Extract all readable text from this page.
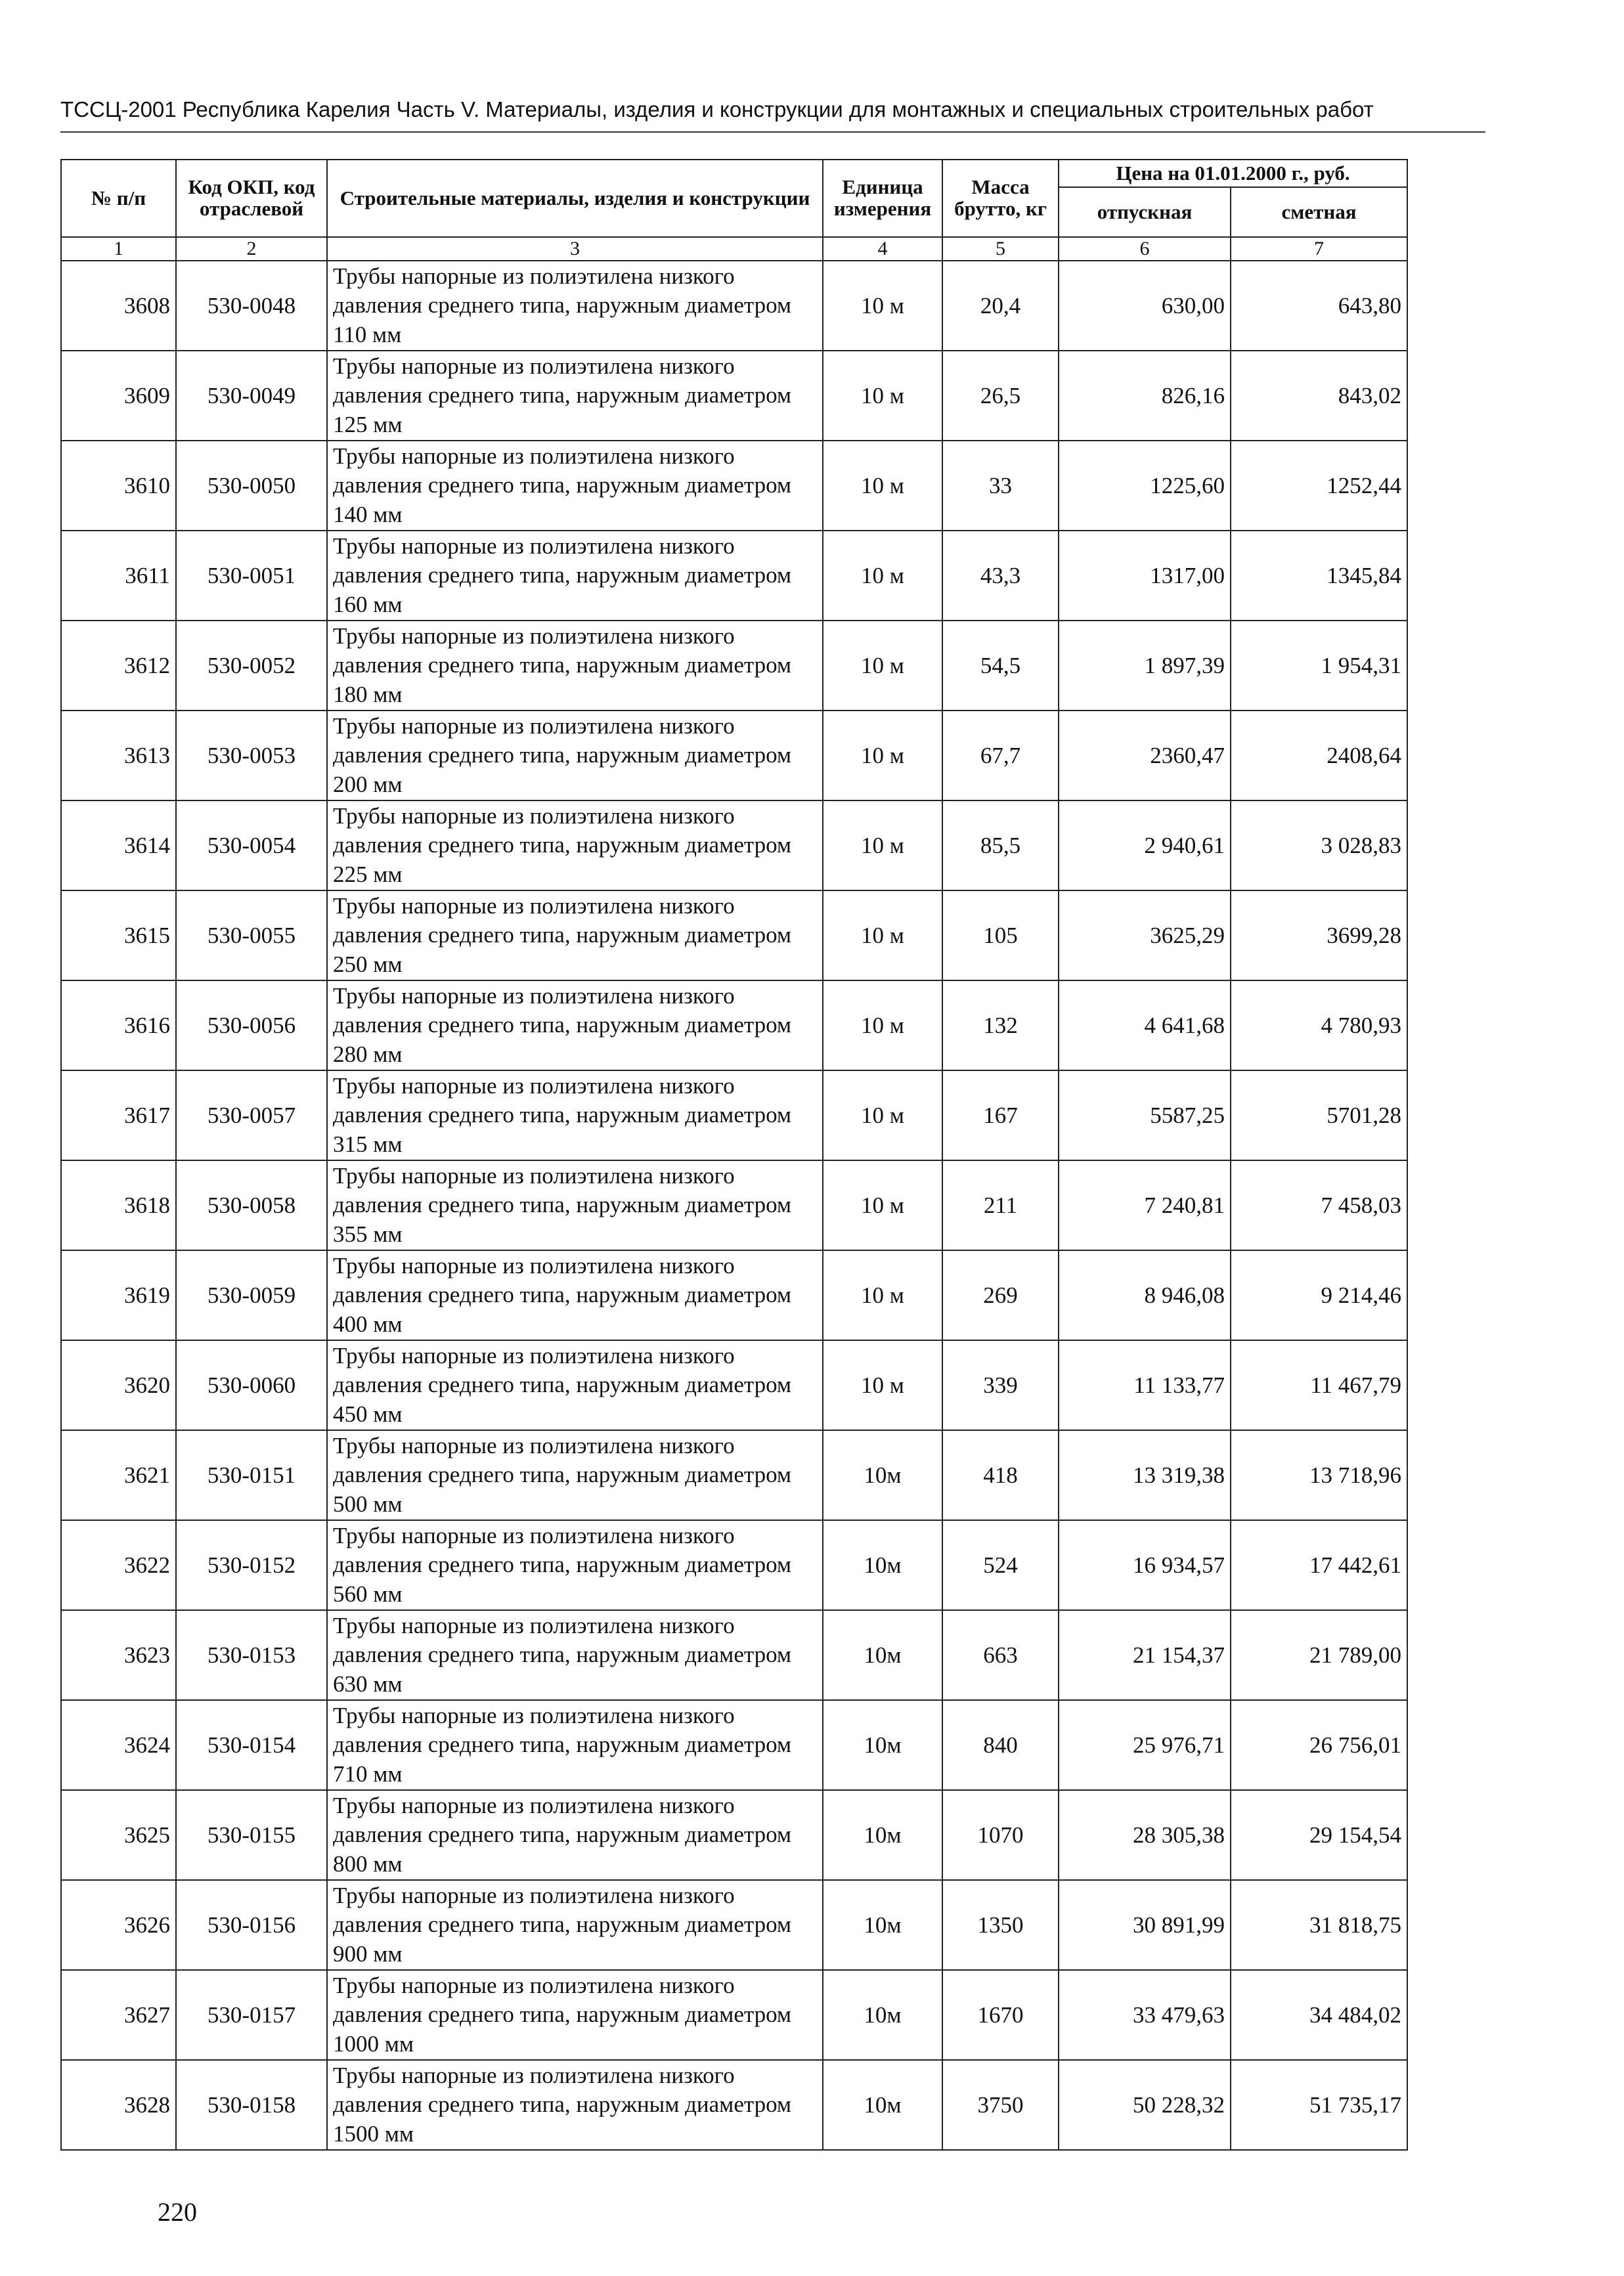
ТССЦ-2001 Республика Карелия Часть V. Материалы, изделия и конструкции для монтажных и специальных строительных работ
№ п/п	Код ОКП, код отраслевой	Строительные материалы, изделия и конструкции	Единица измерения	Масса брутто, кг	Цена на 01.01.2000 г., руб.	
					отпускная	сметная
1	2	3	4	5	6	7
3608	530-0048	Трубы напорные из полиэтилена низкого давления среднего типа, наружным диаметром 110 мм	10 м	20,4	630,00	643,80
3609	530-0049	Трубы напорные из полиэтилена низкого давления среднего типа, наружным диаметром 125 мм	10 м	26,5	826,16	843,02
3610	530-0050	Трубы напорные из полиэтилена низкого давления среднего типа, наружным диаметром 140 мм	10 м	33	1225,60	1252,44
3611	530-0051	Трубы напорные из полиэтилена низкого давления среднего типа, наружным диаметром 160 мм	10 м	43,3	1317,00	1345,84
3612	530-0052	Трубы напорные из полиэтилена низкого давления среднего типа, наружным диаметром 180 мм	10 м	54,5	1 897,39	1 954,31
3613	530-0053	Трубы напорные из полиэтилена низкого давления среднего типа, наружным диаметром 200 мм	10 м	67,7	2360,47	2408,64
3614	530-0054	Трубы напорные из полиэтилена низкого давления среднего типа, наружным диаметром 225 мм	10 м	85,5	2 940,61	3 028,83
3615	530-0055	Трубы напорные из полиэтилена низкого давления среднего типа, наружным диаметром 250 мм	10 м	105	3625,29	3699,28
3616	530-0056	Трубы напорные из полиэтилена низкого давления среднего типа, наружным диаметром 280 мм	10 м	132	4 641,68	4 780,93
3617	530-0057	Трубы напорные из полиэтилена низкого давления среднего типа, наружным диаметром 315 мм	10 м	167	5587,25	5701,28
3618	530-0058	Трубы напорные из полиэтилена низкого давления среднего типа, наружным диаметром 355 мм	10 м	211	7 240,81	7 458,03
3619	530-0059	Трубы напорные из полиэтилена низкого давления среднего типа, наружным диаметром 400 мм	10 м	269	8 946,08	9 214,46
3620	530-0060	Трубы напорные из полиэтилена низкого давления среднего типа, наружным диаметром 450 мм	10 м	339	11 133,77	11 467,79
3621	530-0151	Трубы напорные из полиэтилена низкого давления среднего типа, наружным диаметром 500 мм	10м	418	13 319,38	13 718,96
3622	530-0152	Трубы напорные из полиэтилена низкого давления среднего типа, наружным диаметром 560 мм	10м	524	16 934,57	17 442,61
3623	530-0153	Трубы напорные из полиэтилена низкого давления среднего типа, наружным диаметром 630 мм	10м	663	21 154,37	21 789,00
3624	530-0154	Трубы напорные из полиэтилена низкого давления среднего типа, наружным диаметром 710 мм	10м	840	25 976,71	26 756,01
3625	530-0155	Трубы напорные из полиэтилена низкого давления среднего типа, наружным диаметром 800 мм	10м	1070	28 305,38	29 154,54
3626	530-0156	Трубы напорные из полиэтилена низкого давления среднего типа, наружным диаметром 900 мм	10м	1350	30 891,99	31 818,75
3627	530-0157	Трубы напорные из полиэтилена низкого давления среднего типа, наружным диаметром 1000 мм	10м	1670	33 479,63	34 484,02
3628	530-0158	Трубы напорные из полиэтилена низкого давления среднего типа, наружным диаметром 1500 мм	10м	3750	50 228,32	51 735,17
220
